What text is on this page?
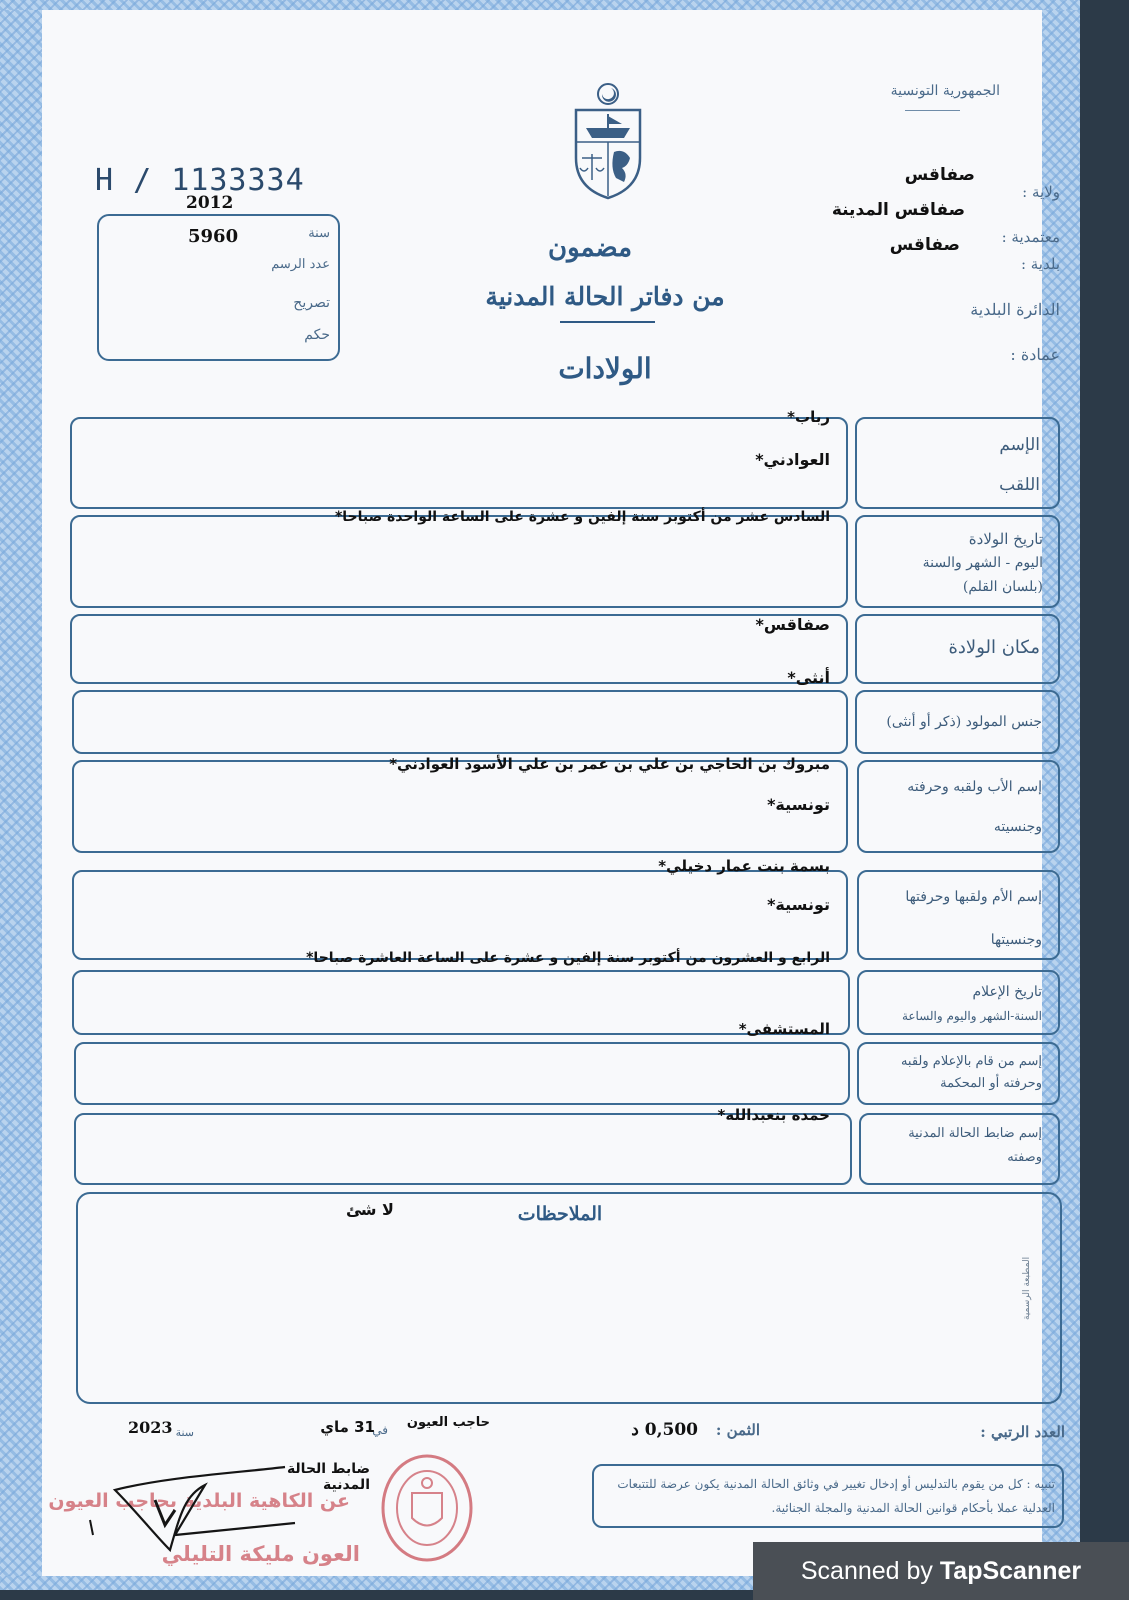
الجمهورية التونسية
ولاية :
صفاقس
معتمدية :
صفاقس المدينة
بلدية :
صفاقس
الدائرة البلدية
عمادة :
H / 1133334
2012
سنة
5960
عدد الرسم
تصريح
حكم
مضمون
من دفاتر الحالة المدنية
الولادات
الإسم
اللقب
رباب*
العوادني*
تاريخ الولادة
اليوم - الشهر والسنة
(بلسان القلم)
السادس عشر من أكتوبر سنة إلفين و عشرة على الساعة الواحدة صباحا*
مكان الولادة
صفاقس*
جنس المولود (ذكر أو أنثى)
أنثى*
إسم الأب ولقبه وحرفته
وجنسيته
مبروك بن الحاجي بن علي بن عمر بن علي الأسود العوادني*
تونسية*
إسم الأم ولقبها وحرفتها
وجنسيتها
بسمة بنت عمار دخيلي*
تونسية*
تاريخ الإعلام
السنة-الشهر واليوم والساعة
الرابع و العشرون من أكتوبر سنة إلفين و عشرة على الساعة العاشرة صباحا*
إسم من قام بالإعلام ولقبه
وحرفته أو المحكمة
المستشفى*
إسم ضابط الحالة المدنية
وصفته
حمده بنعبدالله*
الملاحظات
لا شئ
المطبعة الرسمية
العدد الرتبي :
الثمن :
0,500 د
حاجب العيون
في
31 ماي
سنة
2023
تنبيه : كل من يقوم بالتدليس أو إدخال تغيير في وثائق الحالة المدنية يكون عرضة للتتبعات العدلية عملا بأحكام قوانين الحالة المدنية والمجلة الجنائية.
ضابط الحالة المدنية
عن الكاهية البلدية بحاجب العيون
العون مليكة التليلي
Scanned by TapScanner
